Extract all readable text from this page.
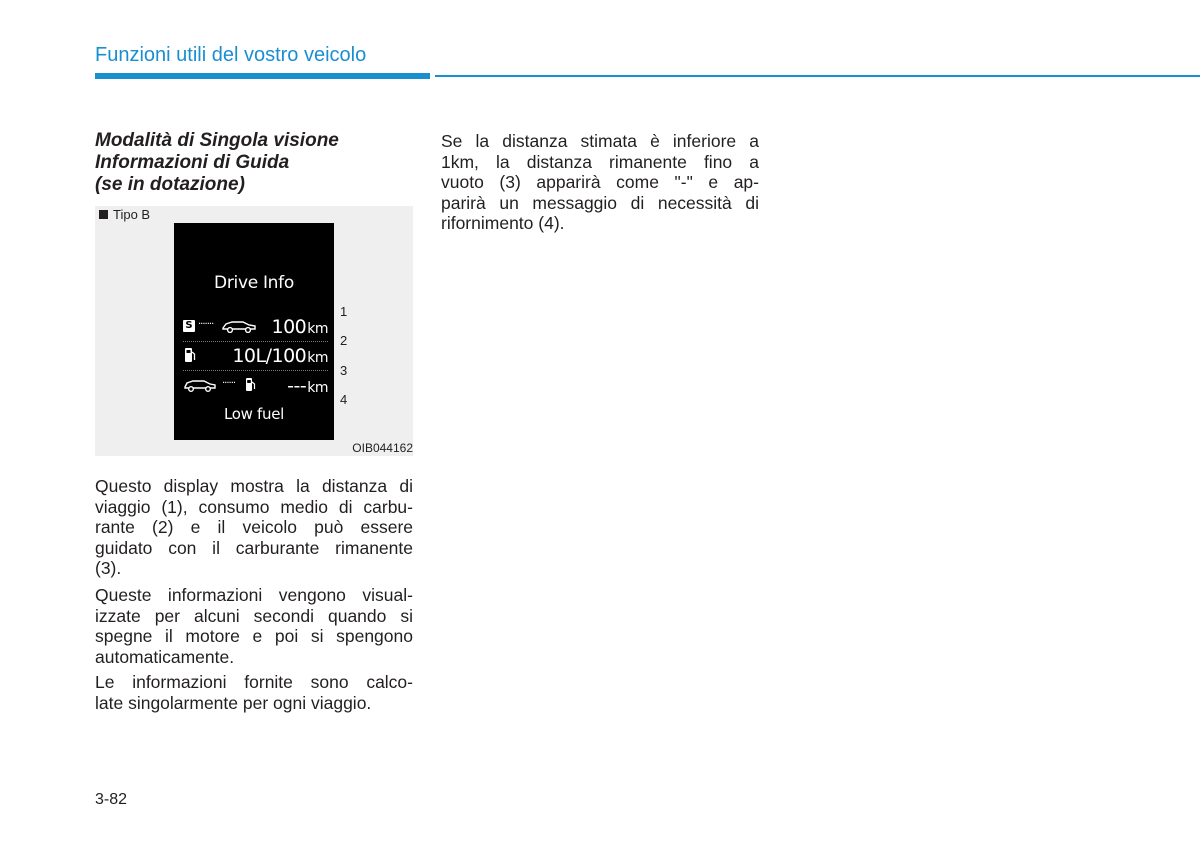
Funzioni utili del vostro veicolo
Modalità di Singola visione
Informazioni di Guida
(se in dotazione)
Tipo B
Drive Info
S ·······	100km
10L/100km
······	---km
Low fuel
1
2
3
4
OIB044162
Questo display mostra la distanza di
viaggio (1), consumo medio di carbu-
rante (2) e il veicolo può essere
guidato con il carburante rimanente
(3).
Queste informazioni vengono visual-
izzate per alcuni secondi quando si
spegne il motore e poi si spengono
automaticamente.
Le informazioni fornite sono calco-
late singolarmente per ogni viaggio.
Se la distanza stimata è inferiore a
1km, la distanza rimanente fino a
vuoto (3) apparirà come "-" e ap-
parirà un messaggio di necessità di
rifornimento (4).
3-82
